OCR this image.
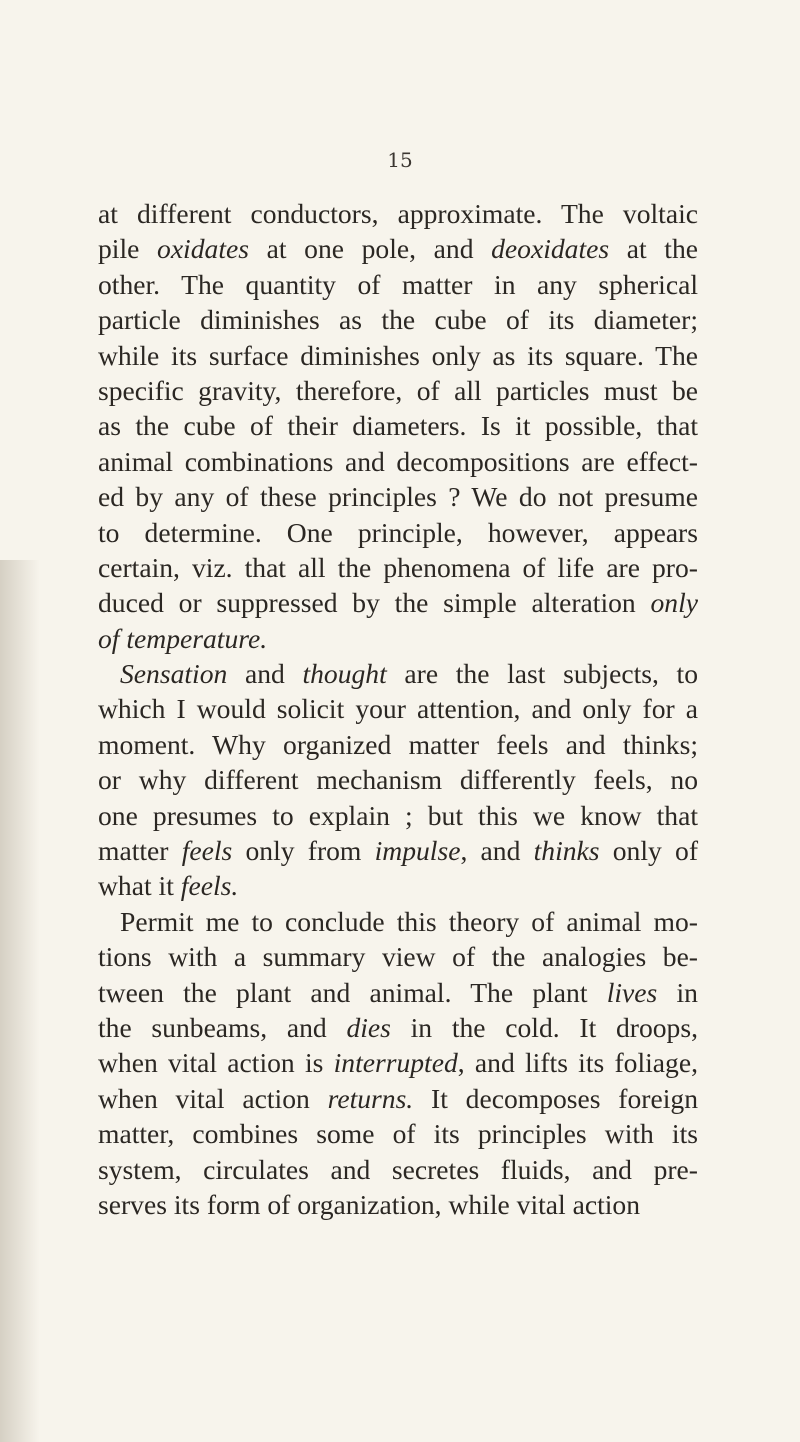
15

at different conductors, approximate. The voltaic
pile oxidates at one pole, and deoxidates at the
other. The quantity of matter in any spherical
particle diminishes as the cube of its diameter;
while its surface diminishes only as its square. The
specific gravity, therefore, of all particles must be
as the cube of their diameters. Is it possible, that
animal combinations and decompositions are effect-
ed by any of these principles ? We do not presume
to determine. One principle, however, appears
certain, viz. that all the phenomena of life are pro-
duced or suppressed by the simple alteration only
of temperature.

Sensation and thought are the last subjects, to
which I would solicit your attention, and only for a
moment. Why organized matter feels and thinks;
or why different mechanism differently feels, no
one presumes to explain ; but this we know that
matter feels only from impulse, and thinks only of
what it feels.

Permit me to conclude this theory of animal mo-
tions with a summary view of the analogies be-
tween the plant and animal. The plant lives in
the sunbeams, and dies in the cold. It droops,
when vital action is interrupted, and lifts its foliage,
when vital action returns. It decomposes foreign
matter, combines some of its principles with its
system, circulates and secretes fluids, and pre-
serves its form of organization, while vital action
